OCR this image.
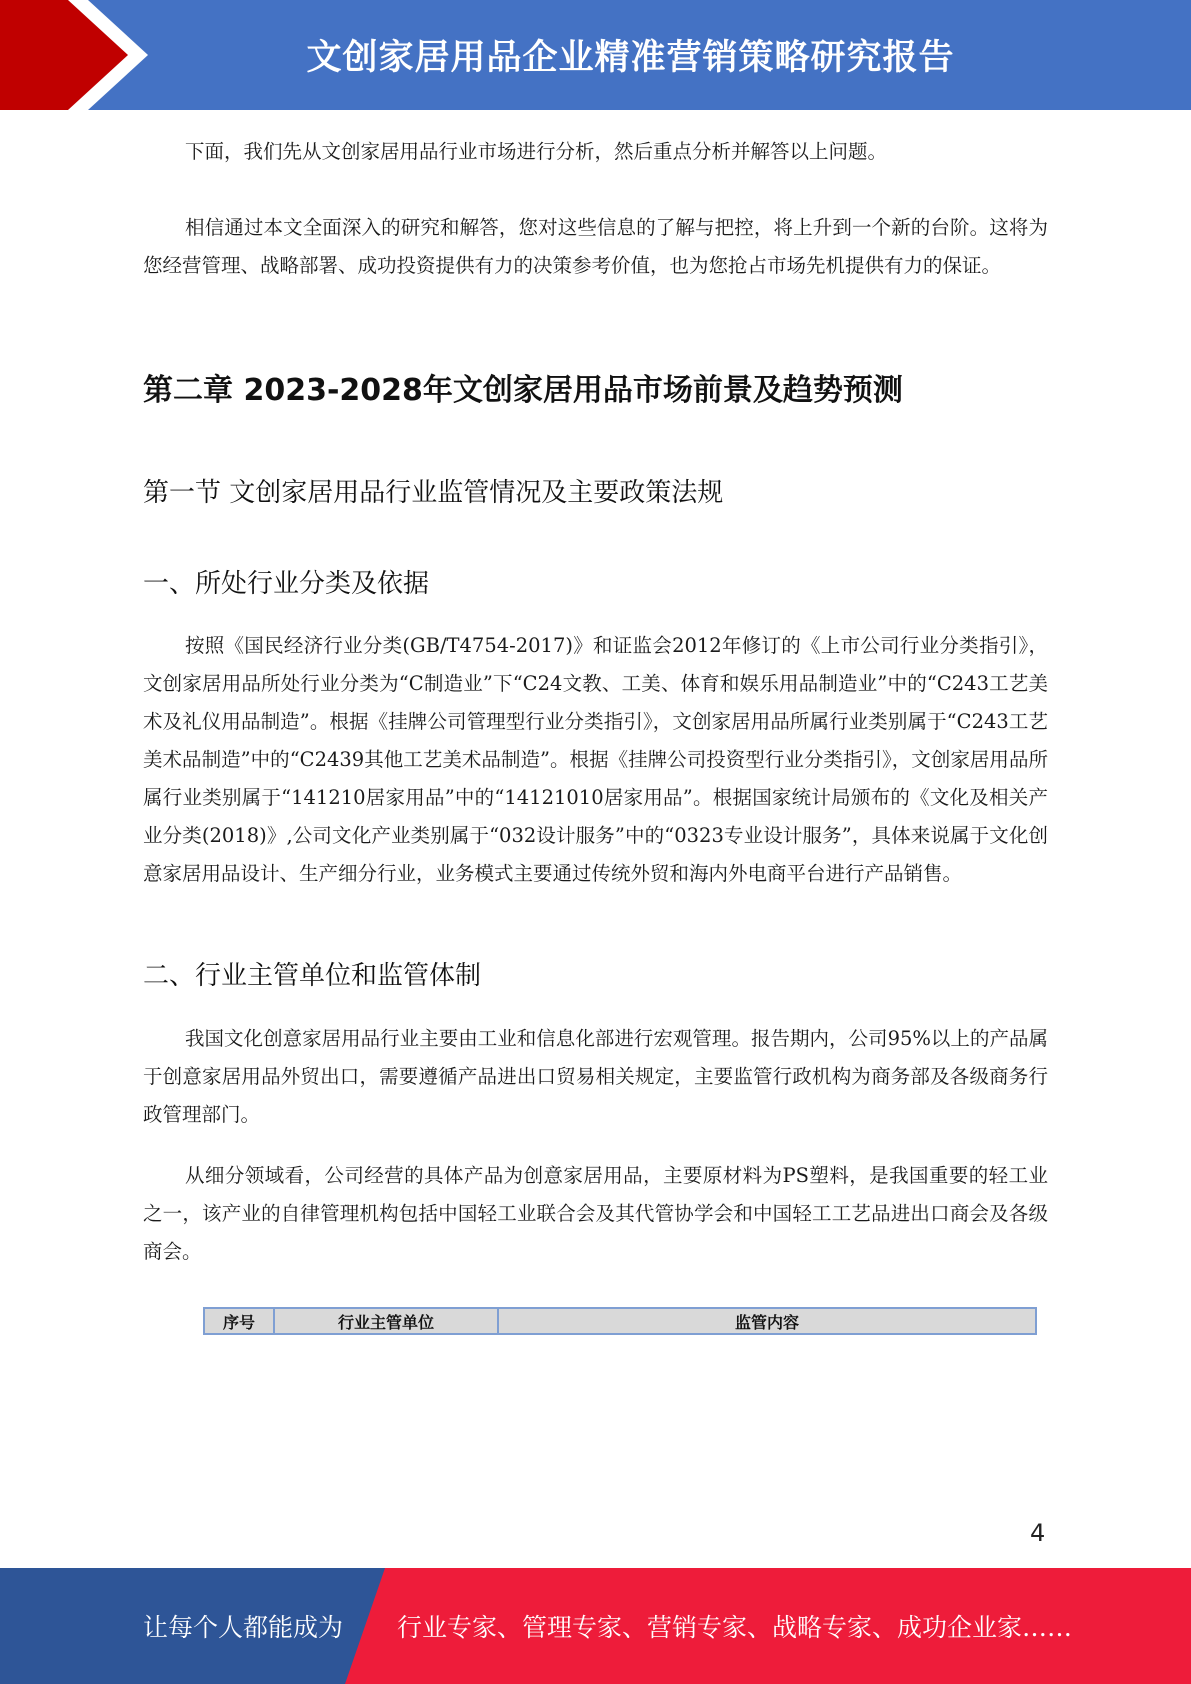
文创家居用品企业精准营销策略研究报告

下面，我们先从文创家居用品行业市场进行分析，然后重点分析并解答以上问题。

相信通过本文全面深入的研究和解答，您对这些信息的了解与把控，将上升到一个新的台阶。这将为您经营管理、战略部署、成功投资提供有力的决策参考价值，也为您抢占市场先机提供有力的保证。

第二章 2023-2028年文创家居用品市场前景及趋势预测
第一节 文创家居用品行业监管情况及主要政策法规
一、所处行业分类及依据

按照《国民经济行业分类(GB/T4754-2017)》和证监会2012年修订的《上市公司行业分类指引》，文创家居用品所处行业分类为“C制造业”下“C24文教、工美、体育和娱乐用品制造业”中的“C243工艺美术及礼仪用品制造”。根据《挂牌公司管理型行业分类指引》，文创家居用品所属行业类别属于“C243工艺美术品制造”中的“C2439其他工艺美术品制造”。根据《挂牌公司投资型行业分类指引》，文创家居用品所属行业类别属于“141210居家用品”中的“14121010居家用品”。根据国家统计局颁布的《文化及相关产业分类(2018)》,公司文化产业类别属于“032设计服务”中的“0323专业设计服务”，具体来说属于文化创意家居用品设计、生产细分行业，业务模式主要通过传统外贸和海内外电商平台进行产品销售。

二、行业主管单位和监管体制

我国文化创意家居用品行业主要由工业和信息化部进行宏观管理。报告期内，公司95%以上的产品属于创意家居用品外贸出口，需要遵循产品进出口贸易相关规定，主要监管行政机构为商务部及各级商务行政管理部门。

从细分领域看，公司经营的具体产品为创意家居用品，主要原材料为PS塑料，是我国重要的轻工业之一，该产业的自律管理机构包括中国轻工业联合会及其代管协学会和中国轻工工艺品进出口商会及各级商会。

序号	行业主管单位	监管内容
4
让每个人都能成为 行业专家、管理专家、营销专家、战略专家、成功企业家……
